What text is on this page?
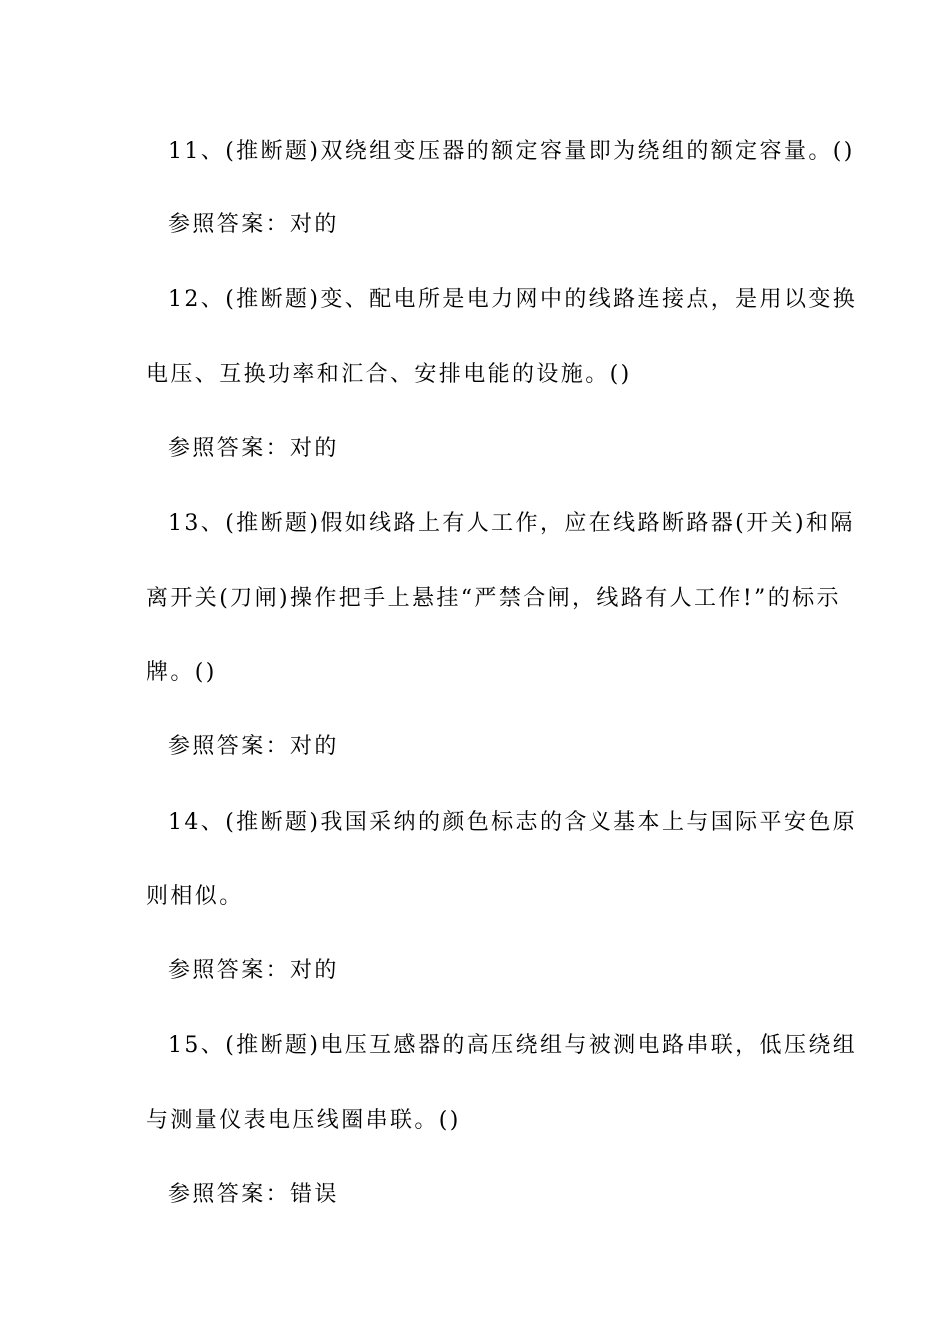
11、(推断题)双绕组变压器的额定容量即为绕组的额定容量。()
参照答案：对的
12、(推断题)变、配电所是电力网中的线路连接点，是用以变换
电压、互换功率和汇合、安排电能的设施。()
参照答案：对的
13、(推断题)假如线路上有人工作，应在线路断路器(开关)和隔
离开关(刀闸)操作把手上悬挂“严禁合闸，线路有人工作!”的标示
牌。()
参照答案：对的
14、(推断题)我国采纳的颜色标志的含义基本上与国际平安色原
则相似。
参照答案：对的
15、(推断题)电压互感器的高压绕组与被测电路串联，低压绕组
与测量仪表电压线圈串联。()
参照答案：错误
